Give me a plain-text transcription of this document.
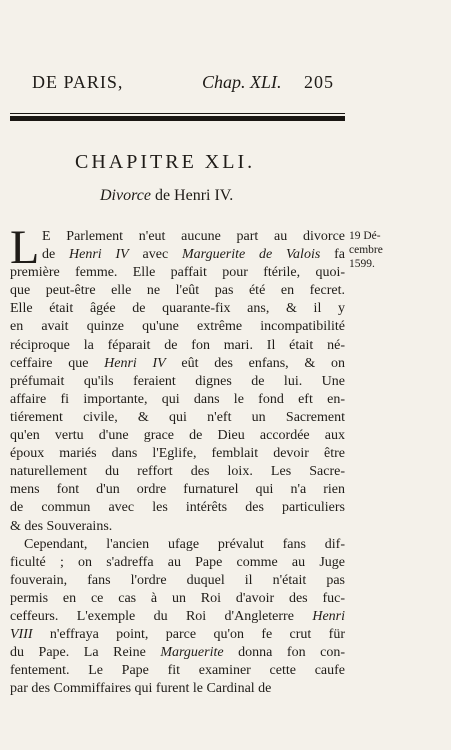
DE PARIS,	Chap. XLI. 205
CHAPITRE XLI.
Divorce de Henri IV.
19 Dé-
cembre
1599.
L E Parlement n'eut aucune part au divorce
de Henri IV avec Marguerite de Valois fa
première femme. Elle paffait pour ftérile, quoi-
que peut-être elle ne l'eût pas été en fecret.
Elle était âgée de quarante-fix ans, & il y
en avait quinze qu'une extrême incompatibilité
réciproque la féparait de fon mari. Il était né-
ceffaire que Henri IV eût des enfans, & on
préfumait qu'ils feraient dignes de lui. Une
affaire fi importante, qui dans le fond eft en-
tiérement civile, & qui n'eft un Sacrement
qu'en vertu d'une grace de Dieu accordée aux
époux mariés dans l'Eglife, femblait devoir être
naturellement du reffort des loix. Les Sacre-
mens font d'un ordre furnaturel qui n'a rien
de commun avec les intérêts des particuliers
& des Souverains.
Cependant, l'ancien ufage prévalut fans dif-
ficulté ; on s'adreffa au Pape comme au Juge
fouverain, fans l'ordre duquel il n'était pas
permis en ce cas à un Roi d'avoir des fuc-
ceffeurs. L'exemple du Roi d'Angleterre Henri
VIII n'effraya point, parce qu'on fe crut für
du Pape. La Reine Marguerite donna fon con-
fentement. Le Pape fit examiner cette caufe
par des Commiffaires qui furent le Cardinal de
